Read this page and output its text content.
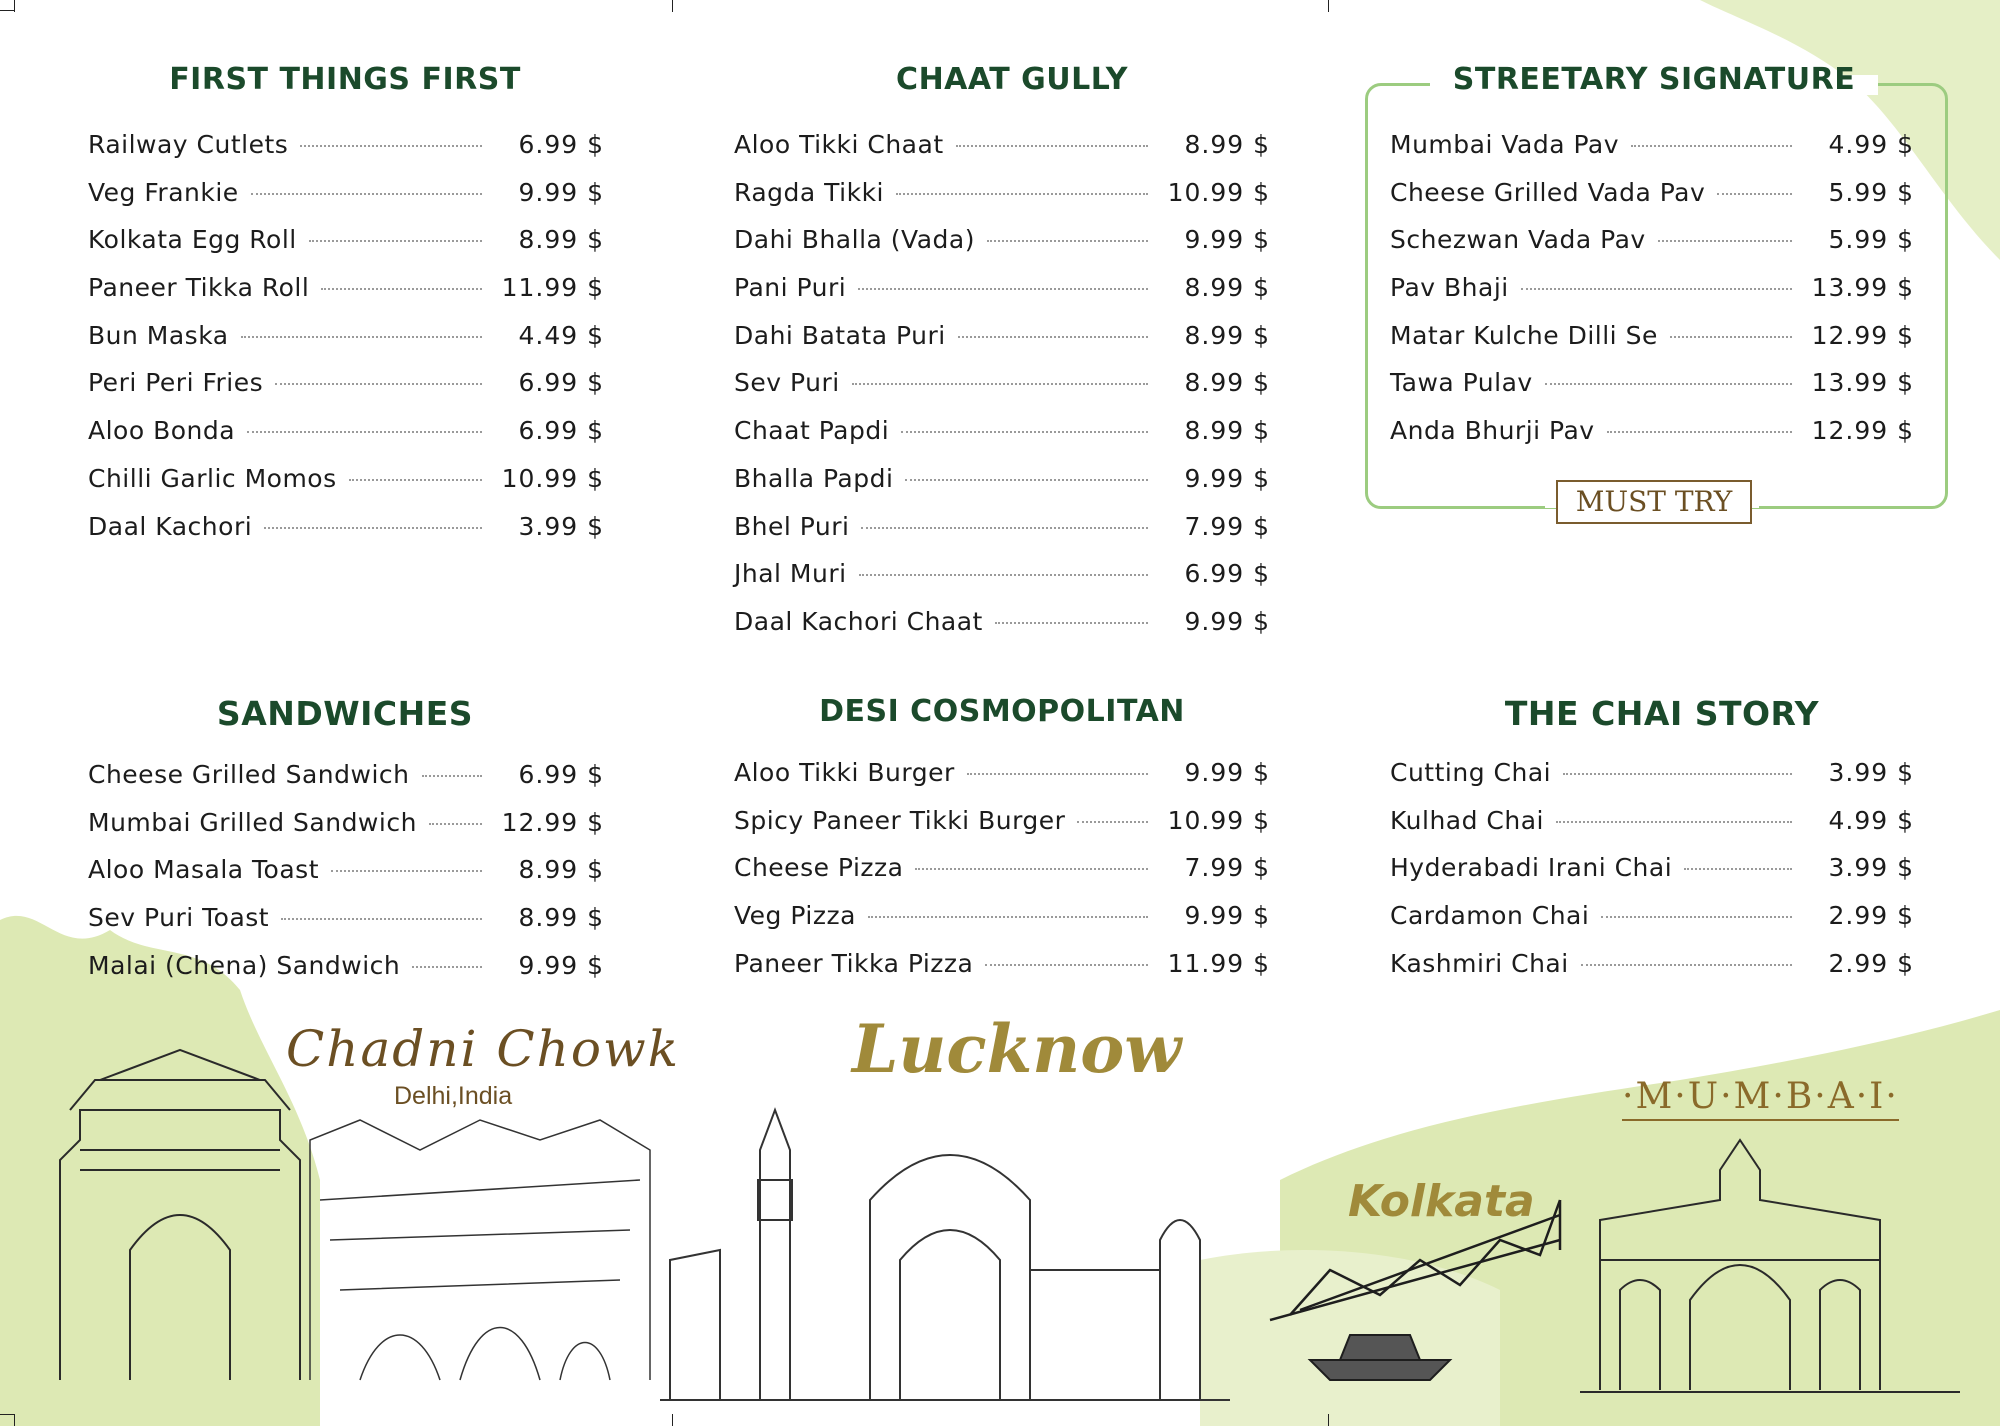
FIRST THINGS FIRST
Railway Cutlets	6.99 $
Veg Frankie	9.99 $
Kolkata Egg Roll	8.99 $
Paneer Tikka Roll	11.99 $
Bun Maska	4.49 $
Peri Peri Fries	6.99 $
Aloo Bonda	6.99 $
Chilli Garlic Momos	10.99 $
Daal Kachori	3.99 $
CHAAT GULLY
Aloo Tikki Chaat	8.99 $
Ragda Tikki	10.99 $
Dahi Bhalla (Vada)	9.99 $
Pani Puri	8.99 $
Dahi Batata Puri	8.99 $
Sev Puri	8.99 $
Chaat Papdi	8.99 $
Bhalla Papdi	9.99 $
Bhel Puri	7.99 $
Jhal Muri	6.99 $
Daal Kachori Chaat	9.99 $
STREETARY SIGNATURE
Mumbai Vada Pav	4.99 $
Cheese Grilled Vada Pav	5.99 $
Schezwan Vada Pav	5.99 $
Pav Bhaji	13.99 $
Matar Kulche Dilli Se	12.99 $
Tawa Pulav	13.99 $
Anda Bhurji Pav	12.99 $
MUST TRY
SANDWICHES
Cheese Grilled Sandwich	6.99 $
Mumbai Grilled Sandwich	12.99 $
Aloo Masala Toast	8.99 $
Sev Puri Toast	8.99 $
Malai (Chena) Sandwich	9.99 $
DESI COSMOPOLITAN
Aloo Tikki Burger	9.99 $
Spicy Paneer Tikki Burger	10.99 $
Cheese Pizza	7.99 $
Veg Pizza	9.99 $
Paneer Tikka Pizza	11.99 $
THE CHAI STORY
Cutting Chai	3.99 $
Kulhad Chai	4.99 $
Hyderabadi Irani Chai	3.99 $
Cardamon Chai	2.99 $
Kashmiri Chai	2.99 $
Chadni Chowk
Delhi,India
Lucknow
Kolkata
·M·U·M·B·A·I·
